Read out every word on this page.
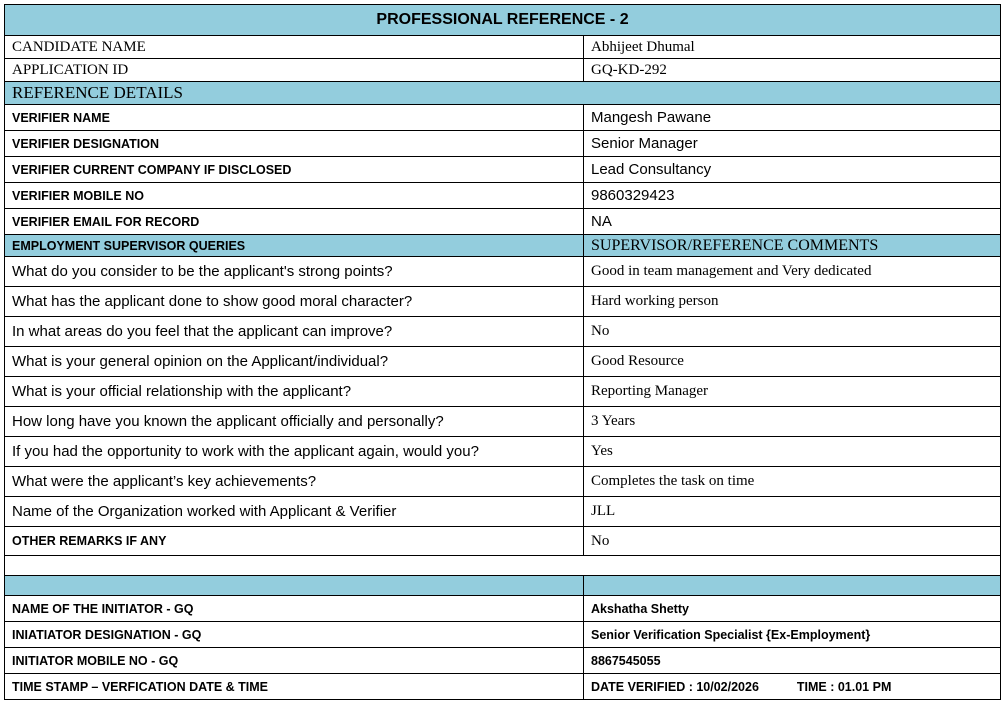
PROFESSIONAL REFERENCE - 2	
CANDIDATE NAME	Abhijeet Dhumal
APPLICATION ID	GQ-KD-292
REFERENCE DETAILS	
VERIFIER NAME	Mangesh Pawane
VERIFIER DESIGNATION	Senior Manager
VERIFIER CURRENT COMPANY IF DISCLOSED	Lead Consultancy
VERIFIER MOBILE NO	9860329423
VERIFIER EMAIL FOR RECORD	NA
EMPLOYMENT SUPERVISOR QUERIES	SUPERVISOR/REFERENCE COMMENTS
What do you consider to be the applicant's strong points?	Good in team management and Very dedicated
What has the applicant done to show good moral character?	Hard working person
In what areas do you feel that the applicant can improve?	No
What is your general opinion on the Applicant/individual?	Good Resource
What is your official relationship with the applicant?	Reporting Manager
How long have you known the applicant officially and personally?	3 Years
If you had the opportunity to work with the applicant again, would you?	Yes
What were the applicant’s key achievements?	Completes the task on time
Name of the Organization worked with Applicant & Verifier	JLL
OTHER REMARKS IF ANY	No

NAME OF THE INITIATOR - GQ	Akshatha Shetty
INIATIATOR DESIGNATION - GQ	Senior Verification Specialist {Ex-Employment}
INITIATOR MOBILE NO - GQ	8867545055
TIME STAMP – VERFICATION DATE & TIME	DATE VERIFIED : 10/02/2026 TIME : 01.01 PM
